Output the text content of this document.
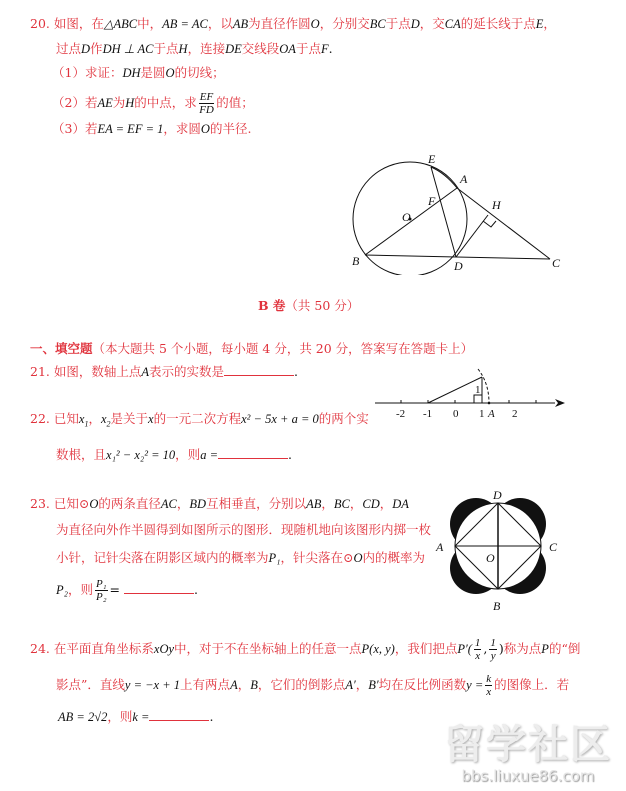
20. 如图，在△ABC中，AB = AC，以AB为直径作圆O，分别交BC于点D，交CA的延长线于点E，
过点D作DH ⊥ AC于点H，连接DE交线段OA于点F.
（1）求证：DH是圆O的切线；
（2）若AE为H的中点，求 $\frac{EF}{FD}$ 的值；
（3）若EA = EF = 1，求圆O的半径.
E
A
F	H
O
B	D	C
B 卷（共 50 分）
一、填空题（本大题共 5 个小题，每小题 4 分，共 20 分，答案写在答题卡上）
21. 如图，数轴上点A表示的实数是	.
-2 -1 0 1	2
1
A
22. 已知$x_1$，$x_2$是关于x的一元二次方程x² − 5x + a = 0的两个实
数根，且x₁² − x₂² = 10，则a =	.
23. 已知⊙O的两条直径AC，BD互相垂直，分别以AB，BC，CD，DA
为直径向外作半圆得到如图所示的图形．现随机地向该图形内掷一枚
小针，记针尖落在阴影区域内的概率为P₁，针尖落在⊙O内的概率为
P₂，则 $\frac{\text{P₁}}{\text{P₂}}$ =	.
D
A
O
C
B
24. 在平面直角坐标系xOy中，对于不在坐标轴上的任意一点P(x, y)，我们把点$P'( \frac{1}{x}$ , $\frac{1}{y}$ )称为点P的“倒
影点”．直线y = −x + 1上有两点A，B，它们的倒影点A′，B′均在反比例函数$y = \frac{k}{x}$ 的图像上．若
AB = 2√2，则k =	.
留学社区
bbs.liuxue86.com
